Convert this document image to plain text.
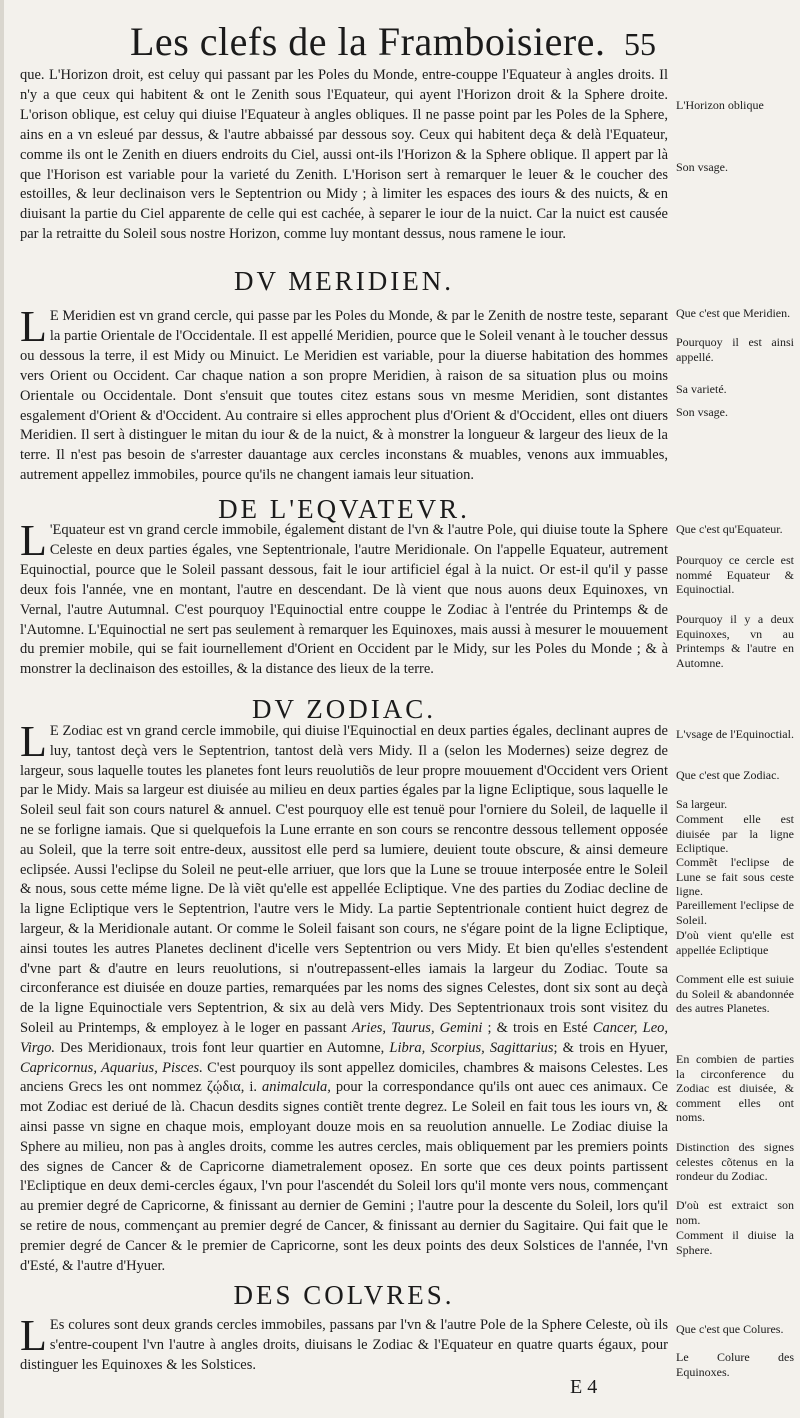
Les clefs de la Framboisiere. 55

que. L'Horizon droit, est celuy qui passant par les Poles du Monde, entre-couppe l'Equateur à angles droits. Il n'y a que ceux qui habitent & ont le Zenith sous l'Equateur, qui ayent l'Horizon droit & la Sphere droite. L'orison oblique, est celuy qui diuise l'Equateur à angles obliques. Il ne passe point par les Poles de la Sphere, ains en a vn esleué par dessus, & l'autre abbaissé par dessous soy. Ceux qui habitent deça & delà l'Equateur, comme ils ont le Zenith en diuers endroits du Ciel, aussi ont-ils l'Horizon & la Sphere oblique. Il appert par là que l'Horison est variable pour la varieté du Zenith. L'Horison sert à remarquer le leuer & le coucher des estoilles, & leur declinaison vers le Septentrion ou Midy ; à limiter les espaces des iours & des nuicts, & en diuisant la partie du Ciel apparente de celle qui est cachée, à separer le iour de la nuict. Car la nuict est causée par la retraitte du Soleil sous nostre Horizon, comme luy montant dessus, nous ramene le iour.

DV MERIDIEN.

L E Meridien est vn grand cercle, qui passe par les Poles du Monde, & par le Zenith de nostre teste, separant la partie Orientale de l'Occidentale. Il est appellé Meridien, pource que le Soleil venant à le toucher dessus ou dessous la terre, il est Midy ou Minuict. Le Meridien est variable, pour la diuerse habitation des hommes vers Orient ou Occident. Car chaque nation a son propre Meridien, à raison de sa situation plus ou moins Orientale ou Occidentale. Dont s'ensuit que toutes citez estans sous vn mesme Meridien, sont distantes esgalement d'Orient & d'Occident. Au contraire si elles approchent plus d'Orient & d'Occident, elles ont diuers Meridien. Il sert à distinguer le mitan du iour & de la nuict, & à monstrer la longueur & largeur des lieux de la terre. Il n'est pas besoin de s'arrester dauantage aux cercles inconstans & muables, venons aux immuables, autrement appellez immobiles, pource qu'ils ne changent iamais leur situation.

DE L'EQVATEVR.

L 'Equateur est vn grand cercle immobile, également distant de l'vn & l'autre Pole, qui diuise toute la Sphere Celeste en deux parties égales, vne Septentrionale, l'autre Meridionale. On l'appelle Equateur, autrement Equinoctial, pource que le Soleil passant dessous, fait le iour artificiel égal à la nuict. Or est-il qu'il y passe deux fois l'année, vne en montant, l'autre en descendant. De là vient que nous auons deux Equinoxes, vn Vernal, l'autre Autumnal. C'est pourquoy l'Equinoctial entre couppe le Zodiac à l'entrée du Printemps & de l'Automne. L'Equinoctial ne sert pas seulement à remarquer les Equinoxes, mais aussi à mesurer le mouuement du premier mobile, qui se fait iournellement d'Orient en Occident par le Midy, sur les Poles du Monde ; & à monstrer la declinaison des estoilles, & la distance des lieux de la terre.

DV ZODIAC.

L E Zodiac est vn grand cercle immobile, qui diuise l'Equinoctial en deux parties égales, declinant aupres de luy, tantost deçà vers le Septentrion, tantost delà vers Midy. Il a (selon les Modernes) seize degrez de largeur, sous laquelle toutes les planetes font leurs reuolutiõs de leur propre mouuement d'Occident vers Orient par le Midy. Mais sa largeur est diuisée au milieu en deux parties égales par la ligne Ecliptique, sous laquelle le Soleil seul fait son cours naturel & annuel. C'est pourquoy elle est tenuë pour l'orniere du Soleil, de laquelle il ne se forligne iamais. Que si quelquefois la Lune errante en son cours se rencontre dessous tellement opposée au Soleil, que la terre soit entre-deux, aussitost elle perd sa lumiere, deuient toute obscure, & ainsi demeure eclipsée. Aussi l'eclipse du Soleil ne peut-elle arriuer, que lors que la Lune se trouue interposée entre le Soleil & nous, sous cette méme ligne. De là viẽt qu'elle est appellée Ecliptique. Vne des parties du Zodiac decline de la ligne Ecliptique vers le Septentrion, l'autre vers le Midy. La partie Septentrionale contient huict degrez de largeur, & la Meridionale autant. Or comme le Soleil faisant son cours, ne s'égare point de la ligne Ecliptique, ainsi toutes les autres Planetes declinent d'icelle vers Septentrion ou vers Midy. Et bien qu'elles s'estendent d'vne part & d'autre en leurs reuolutions, si n'outrepassent-elles iamais la largeur du Zodiac. Toute sa circonferance est diuisée en douze parties, remarquées par les noms des signes Celestes, dont six sont au deçà de la ligne Equinoctiale vers Septentrion, & six au delà vers Midy. Des Septentrionaux trois sont visitez du Soleil au Printemps, & employez à le loger en passant Aries, Taurus, Gemini ; & trois en Esté Cancer, Leo, Virgo. Des Meridionaux, trois font leur quartier en Automne, Libra, Scorpius, Sagittarius; & trois en Hyuer, Capricornus, Aquarius, Pisces. C'est pourquoy ils sont appellez domiciles, chambres & maisons Celestes. Les anciens Grecs les ont nommez ζῴδια, i. animalcula, pour la correspondance qu'ils ont auec ces animaux. Ce mot Zodiac est deriué de là. Chacun desdits signes contiẽt trente degrez. Le Soleil en fait tous les iours vn, & ainsi passe vn signe en chaque mois, employant douze mois en sa reuolution annuelle. Le Zodiac diuise la Sphere au milieu, non pas à angles droits, comme les autres cercles, mais obliquement par les premiers points des signes de Cancer & de Capricorne diametralement oposez. En sorte que ces deux points partissent l'Ecliptique en deux demi-cercles égaux, l'vn pour l'ascendét du Soleil lors qu'il monte vers nous, commençant au premier degré de Capricorne, & finissant au dernier de Gemini ; l'autre pour la descente du Soleil, lors qu'il se retire de nous, commençant au premier degré de Cancer, & finissant au dernier du Sagitaire. Qui fait que le premier degré de Cancer & le premier de Capricorne, sont les deux points des deux Solstices de l'année, l'vn d'Esté, & l'autre d'Hyuer.

DES COLVRES.

L Es colures sont deux grands cercles immobiles, passans par l'vn & l'autre Pole de la Sphere Celeste, où ils s'entre-coupent l'vn l'autre à angles droits, diuisans le Zodiac & l'Equateur en quatre quarts égaux, pour distinguer les Equinoxes & les Solstices.

L'Horizon oblique
Son vsage.
Que c'est que Meridien.
Pourquoy il est ainsi appellé.
Sa varieté.
Son vsage.
Que c'est qu'Equateur.
Pourquoy ce cercle est nommé Equateur & Equinoctial.
Pourquoy il y a deux Equinoxes, vn au Printemps & l'autre en Automne.
L'vsage de l'Equinoctial.
Que c'est que Zodiac.
Sa largeur.
Comment elle est diuisée par la ligne Ecliptique.
Commẽt l'eclipse de Lune se fait sous ceste ligne.
Pareillement l'eclipse de Soleil.
D'où vient qu'elle est appellée Ecliptique
Comment elle est suiuie du Soleil & abandonnée des autres Planetes.
En combien de parties la circonference du Zodiac est diuisée, & comment elles ont noms.
Distinction des signes celestes cõtenus en la rondeur du Zodiac.
D'où est extraict son nom.
Comment il diuise la Sphere.
Que c'est que Colures.
Le Colure des Equinoxes.
E 4
